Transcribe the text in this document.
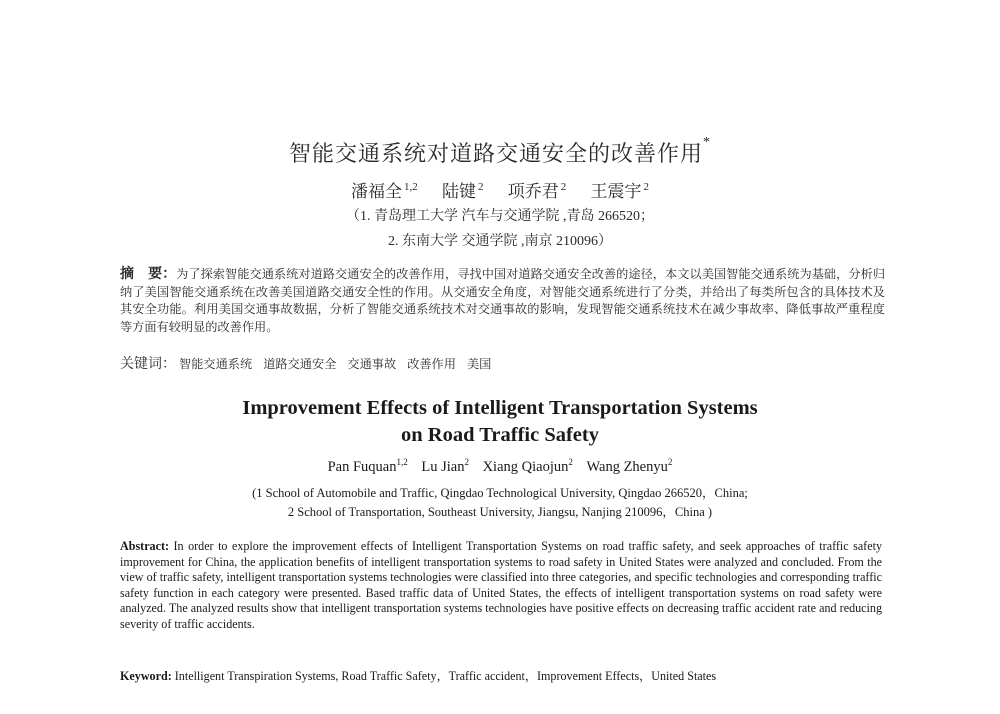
智能交通系统对道路交通安全的改善作用*
潘福全 $^{1,2}$ 陆键 $^2$ 项乔君 $^2$ 王震宇 $^2$
（1. 青岛理工大学 汽车与交通学院 ,青岛 266520；
2. 东南大学 交通学院 ,南京 210096）
摘　要：为了探索智能交通系统对道路交通安全的改善作用，寻找中国对道路交通安全改善的途径，本文以美国智能交通系统为基础，分析归纳了美国智能交通系统在改善美国道路交通安全性的作用。从交通安全角度，对智能交通系统进行了分类，并给出了每类所包含的具体技术及其安全功能。利用美国交通事故数据，分析了智能交通系统技术对交通事故的影响，发现智能交通系统技术在减少事故率、降低事故严重程度等方面有较明显的改善作用。
关键词： 智能交通系统 道路交通安全 交通事故 改善作用 美国
Improvement Effects of Intelligent Transportation Systems
on Road Traffic Safety
Pan Fuquan$^{1,2}$ Lu Jian$^2$ Xiang Qiaojun$^2$ Wang Zhenyu$^2$
(1 School of Automobile and Traffic, Qingdao Technological University, Qingdao 266520，China;
2 School of Transportation, Southeast University, Jiangsu, Nanjing 210096，China )
Abstract: In order to explore the improvement effects of Intelligent Transportation Systems on road traffic safety, and seek approaches of traffic safety improvement for China, the application benefits of intelligent transportation systems to road safety in United States were analyzed and concluded. From the view of traffic safety, intelligent transportation systems technologies were classified into three categories, and specific technologies and corresponding traffic safety function in each category were presented. Based traffic data of United States, the effects of intelligent transportation systems on road safety were analyzed. The analyzed results show that intelligent transportation systems technologies have positive effects on decreasing traffic accident rate and reducing severity of traffic accidents.
Keyword: Intelligent Transpiration Systems, Road Traffic Safety，Traffic accident，Improvement Effects，United States
